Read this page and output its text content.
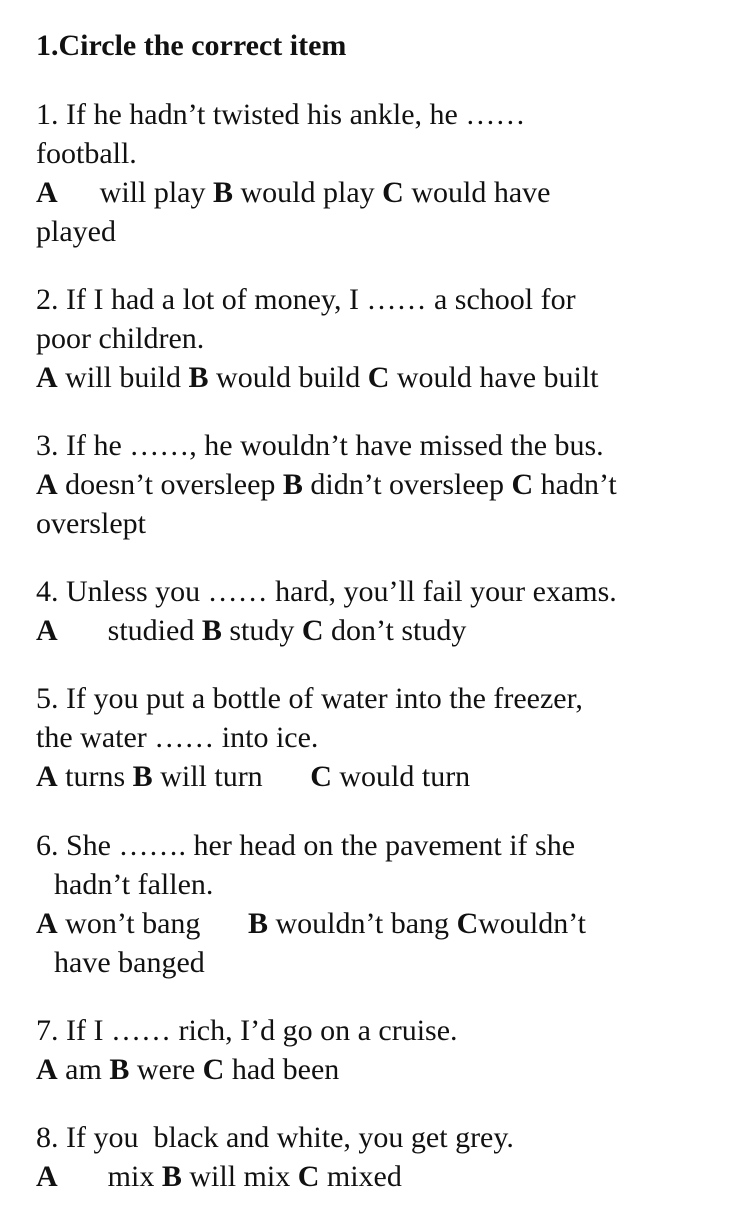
1.Circle the correct item

1. If he hadn’t twisted his ankle, he ……

football.

A will play B would play C would have

played

2. If I had a lot of money, I …… a school for

poor children.

A will build B would build C would have built

3. If he ……, he wouldn’t have missed the bus.

A doesn’t oversleep B didn’t oversleep C hadn’t

overslept

4. Unless you …… hard, you’ll fail your exams.

A studied B study C don’t study

5. If you put a bottle of water into the freezer,

the water …… into ice.

A turns B will turn C would turn

6. She ……. her head on the pavement if she

hadn’t fallen.

A won’t bang B wouldn’t bang Cwouldn’t

have banged

7. If I …… rich, I’d go on a cruise.

A am B were C had been

8. If you  black and white, you get grey.

A mix B will mix C mixed
